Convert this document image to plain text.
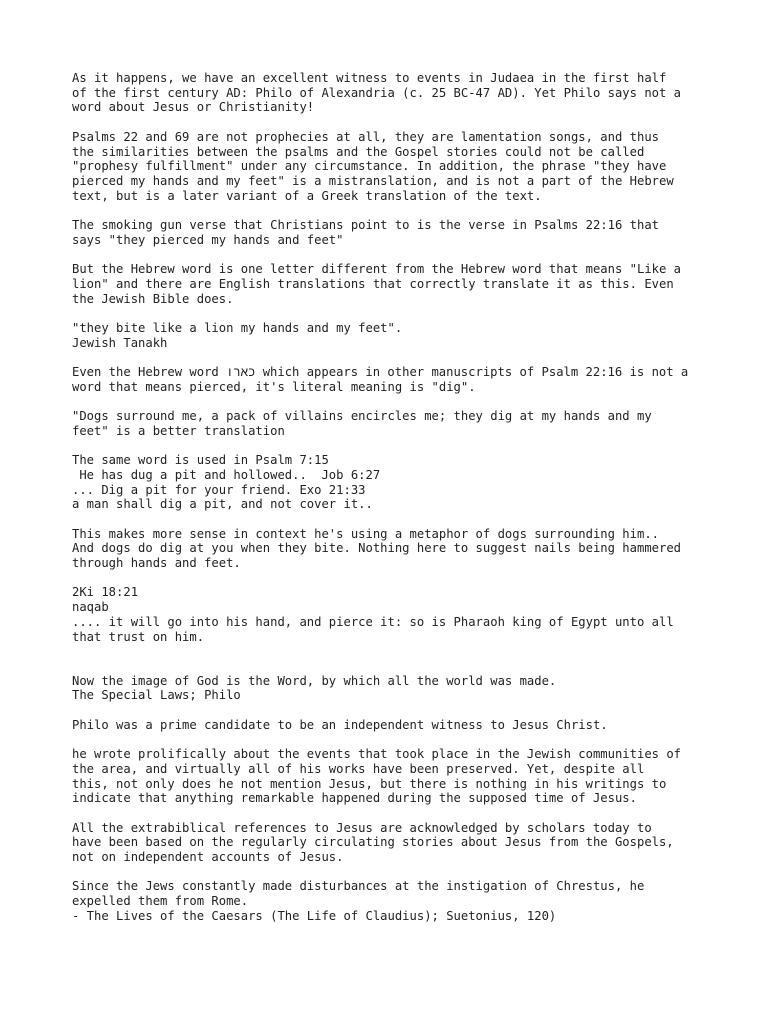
As it happens, we have an excellent witness to events in Judaea in the first half
of the first century AD: Philo of Alexandria (c. 25 BC-47 AD). Yet Philo says not a
word about Jesus or Christianity!
Psalms 22 and 69 are not prophecies at all, they are lamentation songs, and thus
the similarities between the psalms and the Gospel stories could not be called
"prophesy fulfillment" under any circumstance. In addition, the phrase "they have
pierced my hands and my feet" is a mistranslation, and is not a part of the Hebrew
text, but is a later variant of a Greek translation of the text.
The smoking gun verse that Christians point to is the verse in Psalms 22:16 that
says "they pierced my hands and feet"
But the Hebrew word is one letter different from the Hebrew word that means "Like a
lion" and there are English translations that correctly translate it as this. Even
the Jewish Bible does.
"they bite like a lion my hands and my feet".
Jewish Tanakh
Even the Hebrew word כארו which appears in other manuscripts of Psalm 22:16 is not a
word that means pierced, it's literal meaning is "dig".
"Dogs surround me, a pack of villains encircles me; they dig at my hands and my
feet" is a better translation
The same word is used in Psalm 7:15
He has dug a pit and hollowed..  Job 6:27
... Dig a pit for your friend. Exo 21:33
a man shall dig a pit, and not cover it..
This makes more sense in context he's using a metaphor of dogs surrounding him..
And dogs do dig at you when they bite. Nothing here to suggest nails being hammered
through hands and feet.
2Ki 18:21
naqab
.... it will go into his hand, and pierce it: so is Pharaoh king of Egypt unto all
that trust on him.
Now the image of God is the Word, by which all the world was made.
The Special Laws; Philo
Philo was a prime candidate to be an independent witness to Jesus Christ.
he wrote prolifically about the events that took place in the Jewish communities of
the area, and virtually all of his works have been preserved. Yet, despite all
this, not only does he not mention Jesus, but there is nothing in his writings to
indicate that anything remarkable happened during the supposed time of Jesus.
All the extrabiblical references to Jesus are acknowledged by scholars today to
have been based on the regularly circulating stories about Jesus from the Gospels,
not on independent accounts of Jesus.
Since the Jews constantly made disturbances at the instigation of Chrestus, he
expelled them from Rome.
- The Lives of the Caesars (The Life of Claudius); Suetonius, 120)
